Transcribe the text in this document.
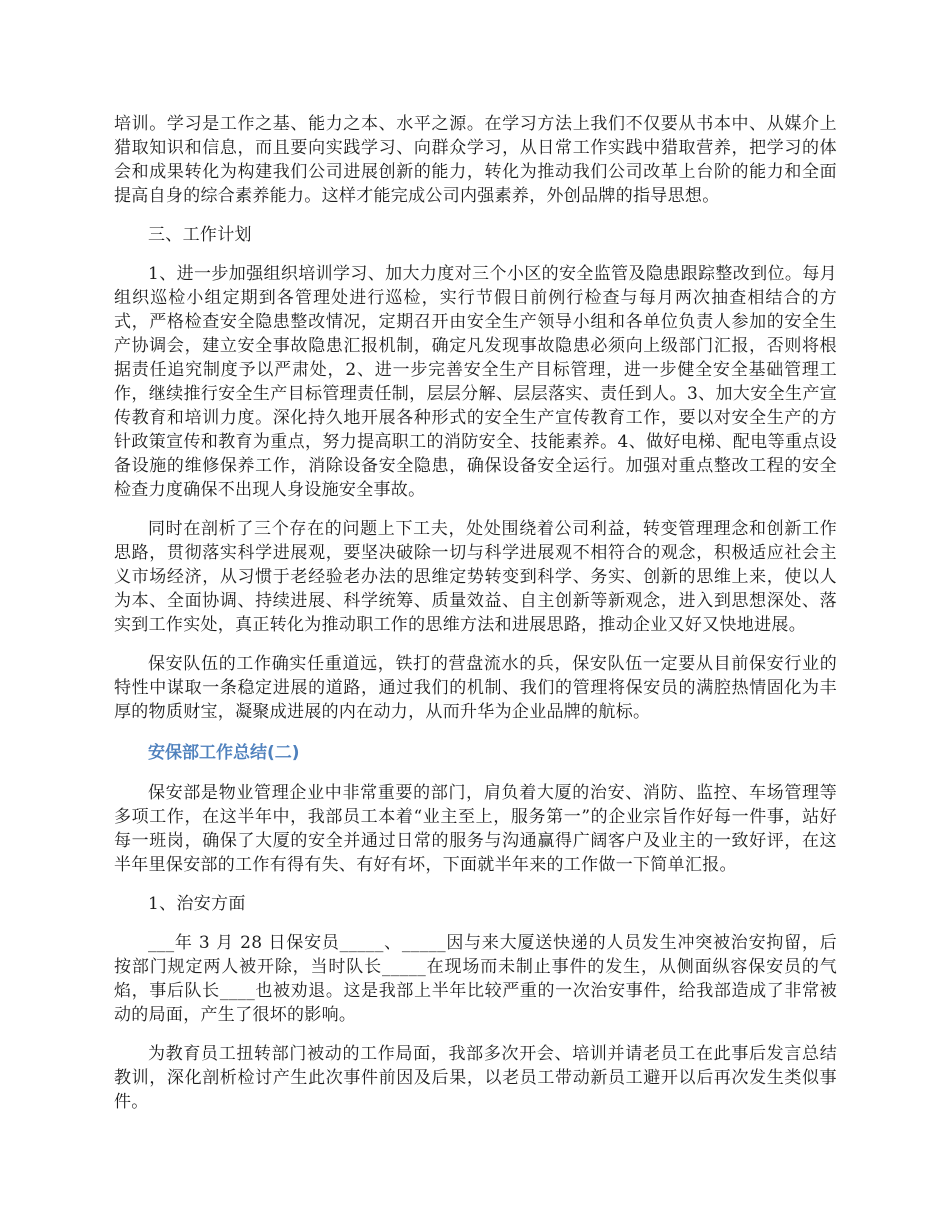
培训。学习是工作之基、能力之本、水平之源。在学习方法上我们不仅要从书本中、从媒介上猎取知识和信息，而且要向实践学习、向群众学习，从日常工作实践中猎取营养，把学习的体会和成果转化为构建我们公司进展创新的能力，转化为推动我们公司改革上台阶的能力和全面提高自身的综合素养能力。这样才能完成公司内强素养，外创品牌的指导思想。

三、工作计划

1、进一步加强组织培训学习、加大力度对三个小区的安全监管及隐患跟踪整改到位。每月组织巡检小组定期到各管理处进行巡检，实行节假日前例行检查与每月两次抽查相结合的方式，严格检查安全隐患整改情况，定期召开由安全生产领导小组和各单位负责人参加的安全生产协调会，建立安全事故隐患汇报机制，确定凡发现事故隐患必须向上级部门汇报，否则将根据责任追究制度予以严肃处，2、进一步完善安全生产目标管理，进一步健全安全基础管理工作，继续推行安全生产目标管理责任制，层层分解、层层落实、责任到人。3、加大安全生产宣传教育和培训力度。深化持久地开展各种形式的安全生产宣传教育工作，要以对安全生产的方针政策宣传和教育为重点，努力提高职工的消防安全、技能素养。4、做好电梯、配电等重点设备设施的维修保养工作，消除设备安全隐患，确保设备安全运行。加强对重点整改工程的安全检查力度确保不出现人身设施安全事故。

同时在剖析了三个存在的问题上下工夫，处处围绕着公司利益，转变管理理念和创新工作思路，贯彻落实科学进展观，要坚决破除一切与科学进展观不相符合的观念，积极适应社会主义市场经济，从习惯于老经验老办法的思维定势转变到科学、务实、创新的思维上来，使以人为本、全面协调、持续进展、科学统筹、质量效益、自主创新等新观念，进入到思想深处、落实到工作实处，真正转化为推动职工作的思维方法和进展思路，推动企业又好又快地进展。

保安队伍的工作确实任重道远，铁打的营盘流水的兵，保安队伍一定要从目前保安行业的特性中谋取一条稳定进展的道路，通过我们的机制、我们的管理将保安员的满腔热情固化为丰厚的物质财宝，凝聚成进展的内在动力，从而升华为企业品牌的航标。

安保部工作总结(二)

保安部是物业管理企业中非常重要的部门，肩负着大厦的治安、消防、监控、车场管理等多项工作，在这半年中，我部员工本着“业主至上，服务第一”的企业宗旨作好每一件事，站好每一班岗，确保了大厦的安全并通过日常的服务与沟通赢得广阔客户及业主的一致好评，在这半年里保安部的工作有得有失、有好有坏，下面就半年来的工作做一下简单汇报。

1、治安方面

___年 3 月 28 日保安员_____、_____因与来大厦送快递的人员发生冲突被治安拘留，后按部门规定两人被开除，当时队长_____在现场而未制止事件的发生，从侧面纵容保安员的气焰，事后队长____也被劝退。这是我部上半年比较严重的一次治安事件，给我部造成了非常被动的局面，产生了很坏的影响。

为教育员工扭转部门被动的工作局面，我部多次开会、培训并请老员工在此事后发言总结教训，深化剖析检讨产生此次事件前因及后果，以老员工带动新员工避开以后再次发生类似事件。
